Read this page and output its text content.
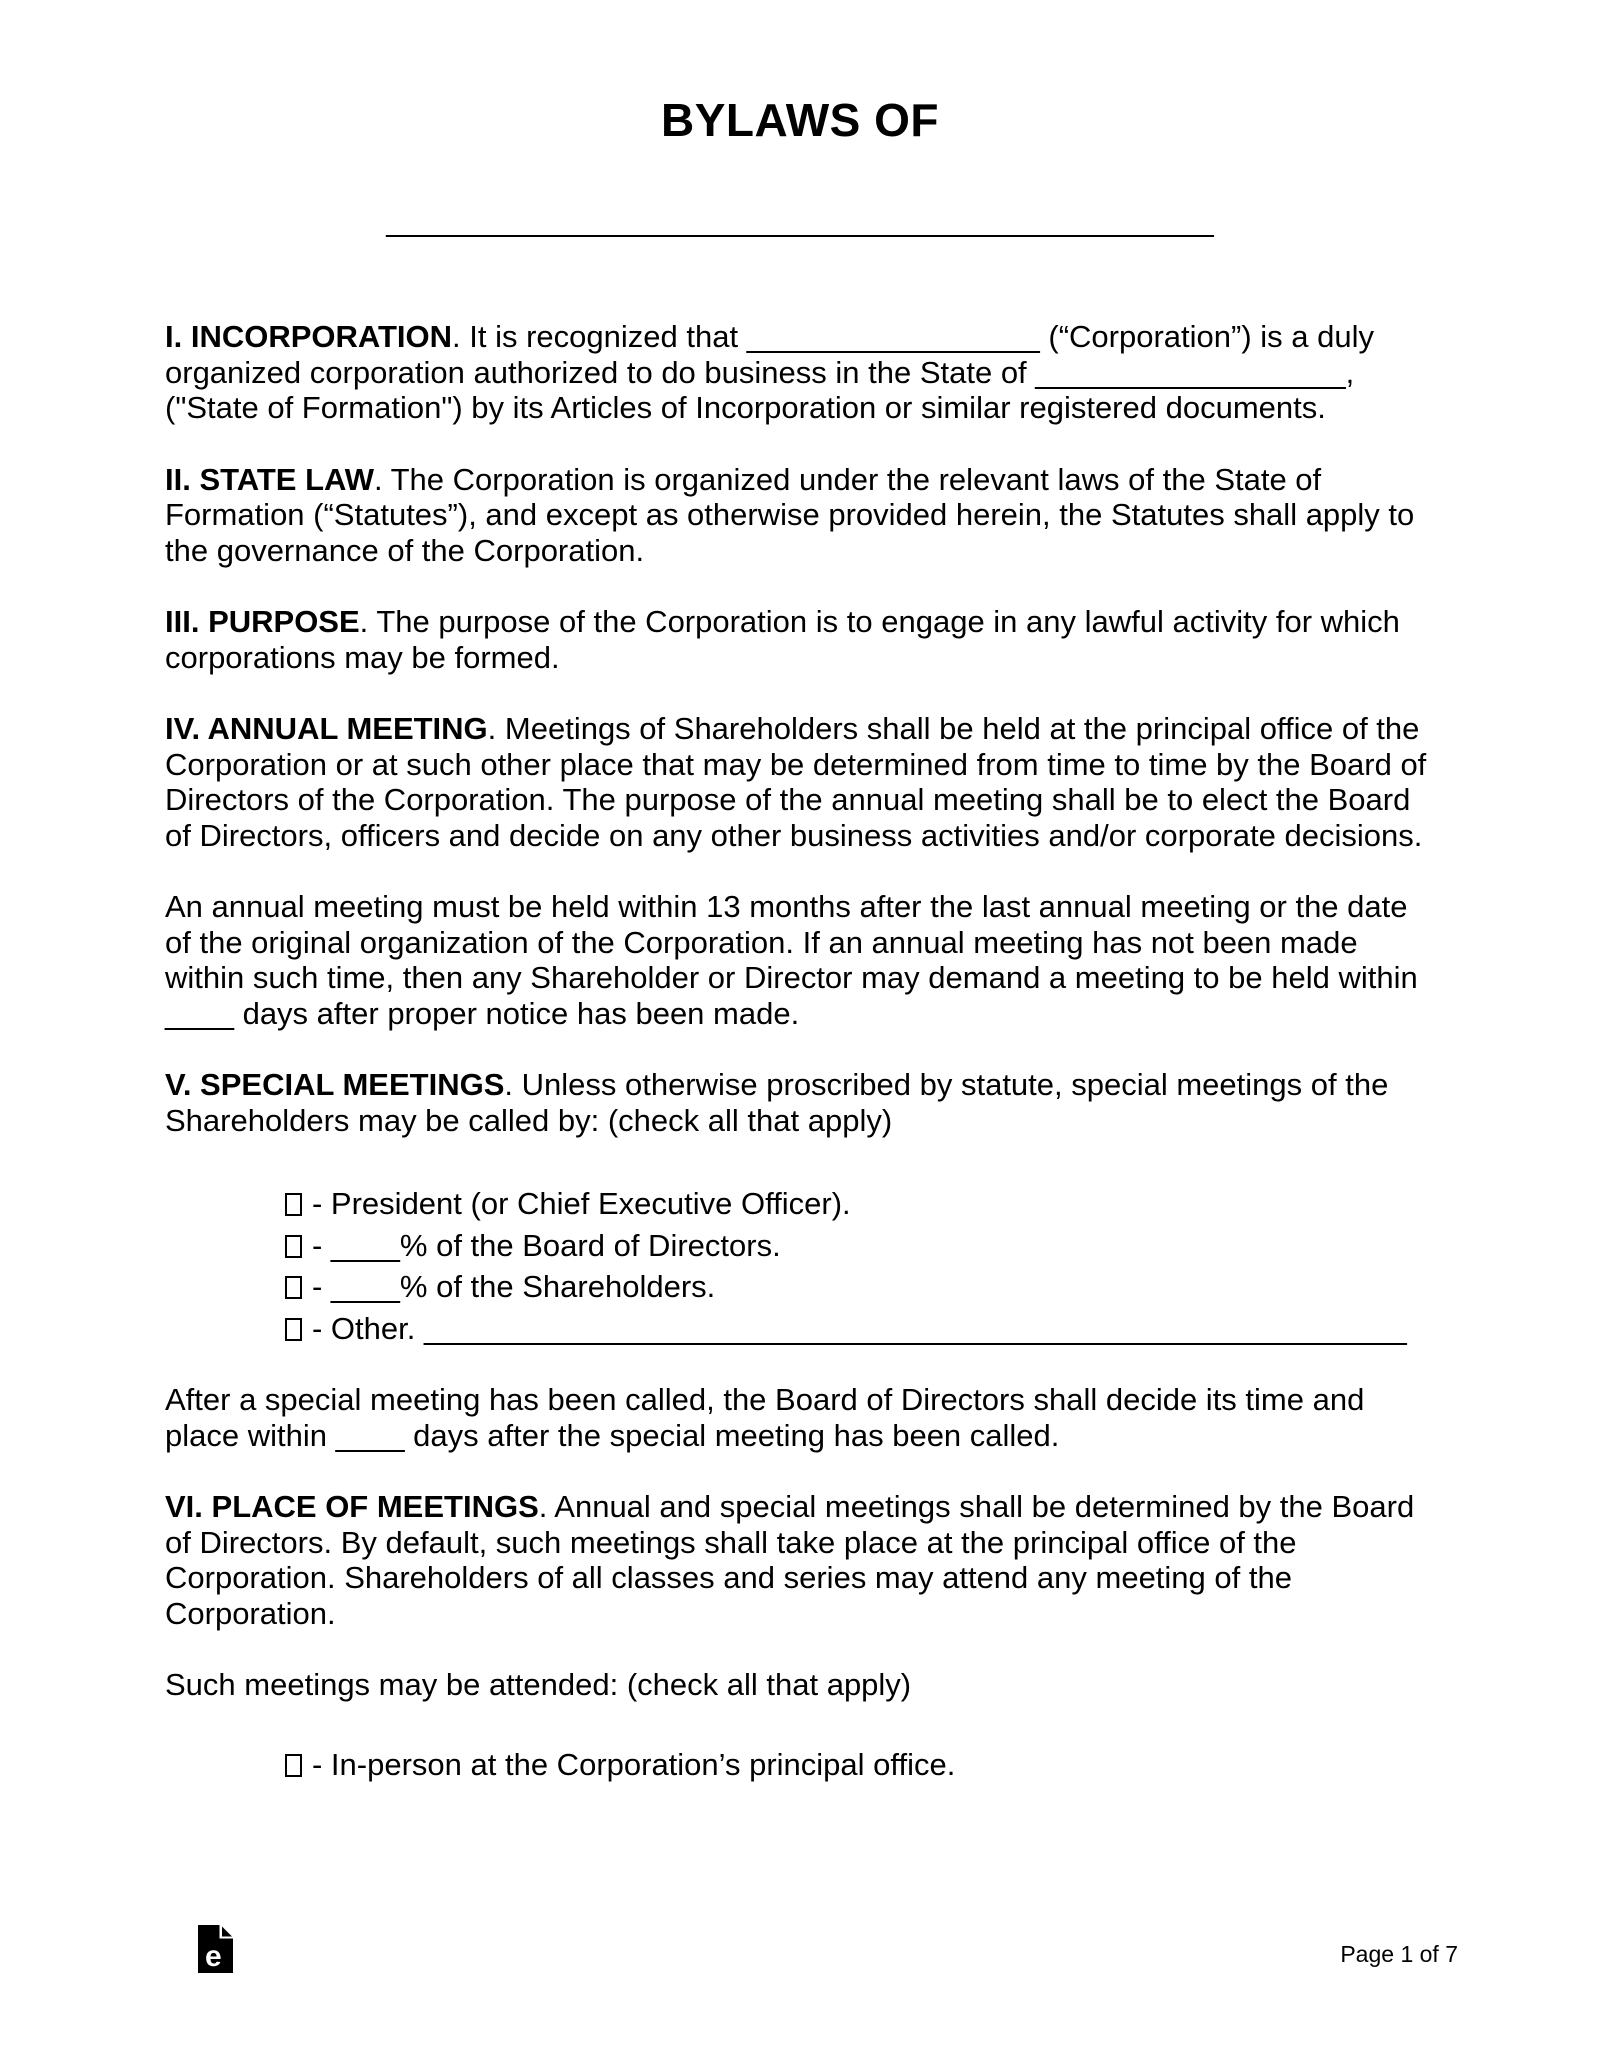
BYLAWS OF
________________________________________________

I. INCORPORATION. It is recognized that _________________ (“Corporation”) is a duly organized corporation authorized to do business in the State of __________________, ("State of Formation") by its Articles of Incorporation or similar registered documents.

II. STATE LAW. The Corporation is organized under the relevant laws of the State of Formation (“Statutes”), and except as otherwise provided herein, the Statutes shall apply to the governance of the Corporation.

III. PURPOSE. The purpose of the Corporation is to engage in any lawful activity for which corporations may be formed.

IV. ANNUAL MEETING. Meetings of Shareholders shall be held at the principal office of the Corporation or at such other place that may be determined from time to time by the Board of Directors of the Corporation. The purpose of the annual meeting shall be to elect the Board of Directors, officers and decide on any other business activities and/or corporate decisions.

An annual meeting must be held within 13 months after the last annual meeting or the date of the original organization of the Corporation. If an annual meeting has not been made within such time, then any Shareholder or Director may demand a meeting to be held within ____ days after proper notice has been made.

V. SPECIAL MEETINGS. Unless otherwise proscribed by statute, special meetings of the Shareholders may be called by: (check all that apply)

- President (or Chief Executive Officer).
- ____% of the Board of Directors.
- ____% of the Shareholders.
- Other. _________________________________________________________

After a special meeting has been called, the Board of Directors shall decide its time and place within ____ days after the special meeting has been called.

VI. PLACE OF MEETINGS. Annual and special meetings shall be determined by the Board of Directors. By default, such meetings shall take place at the principal office of the Corporation. Shareholders of all classes and series may attend any meeting of the Corporation.

Such meetings may be attended: (check all that apply)

- In-person at the Corporation’s principal office.
e	Page 1 of 7
